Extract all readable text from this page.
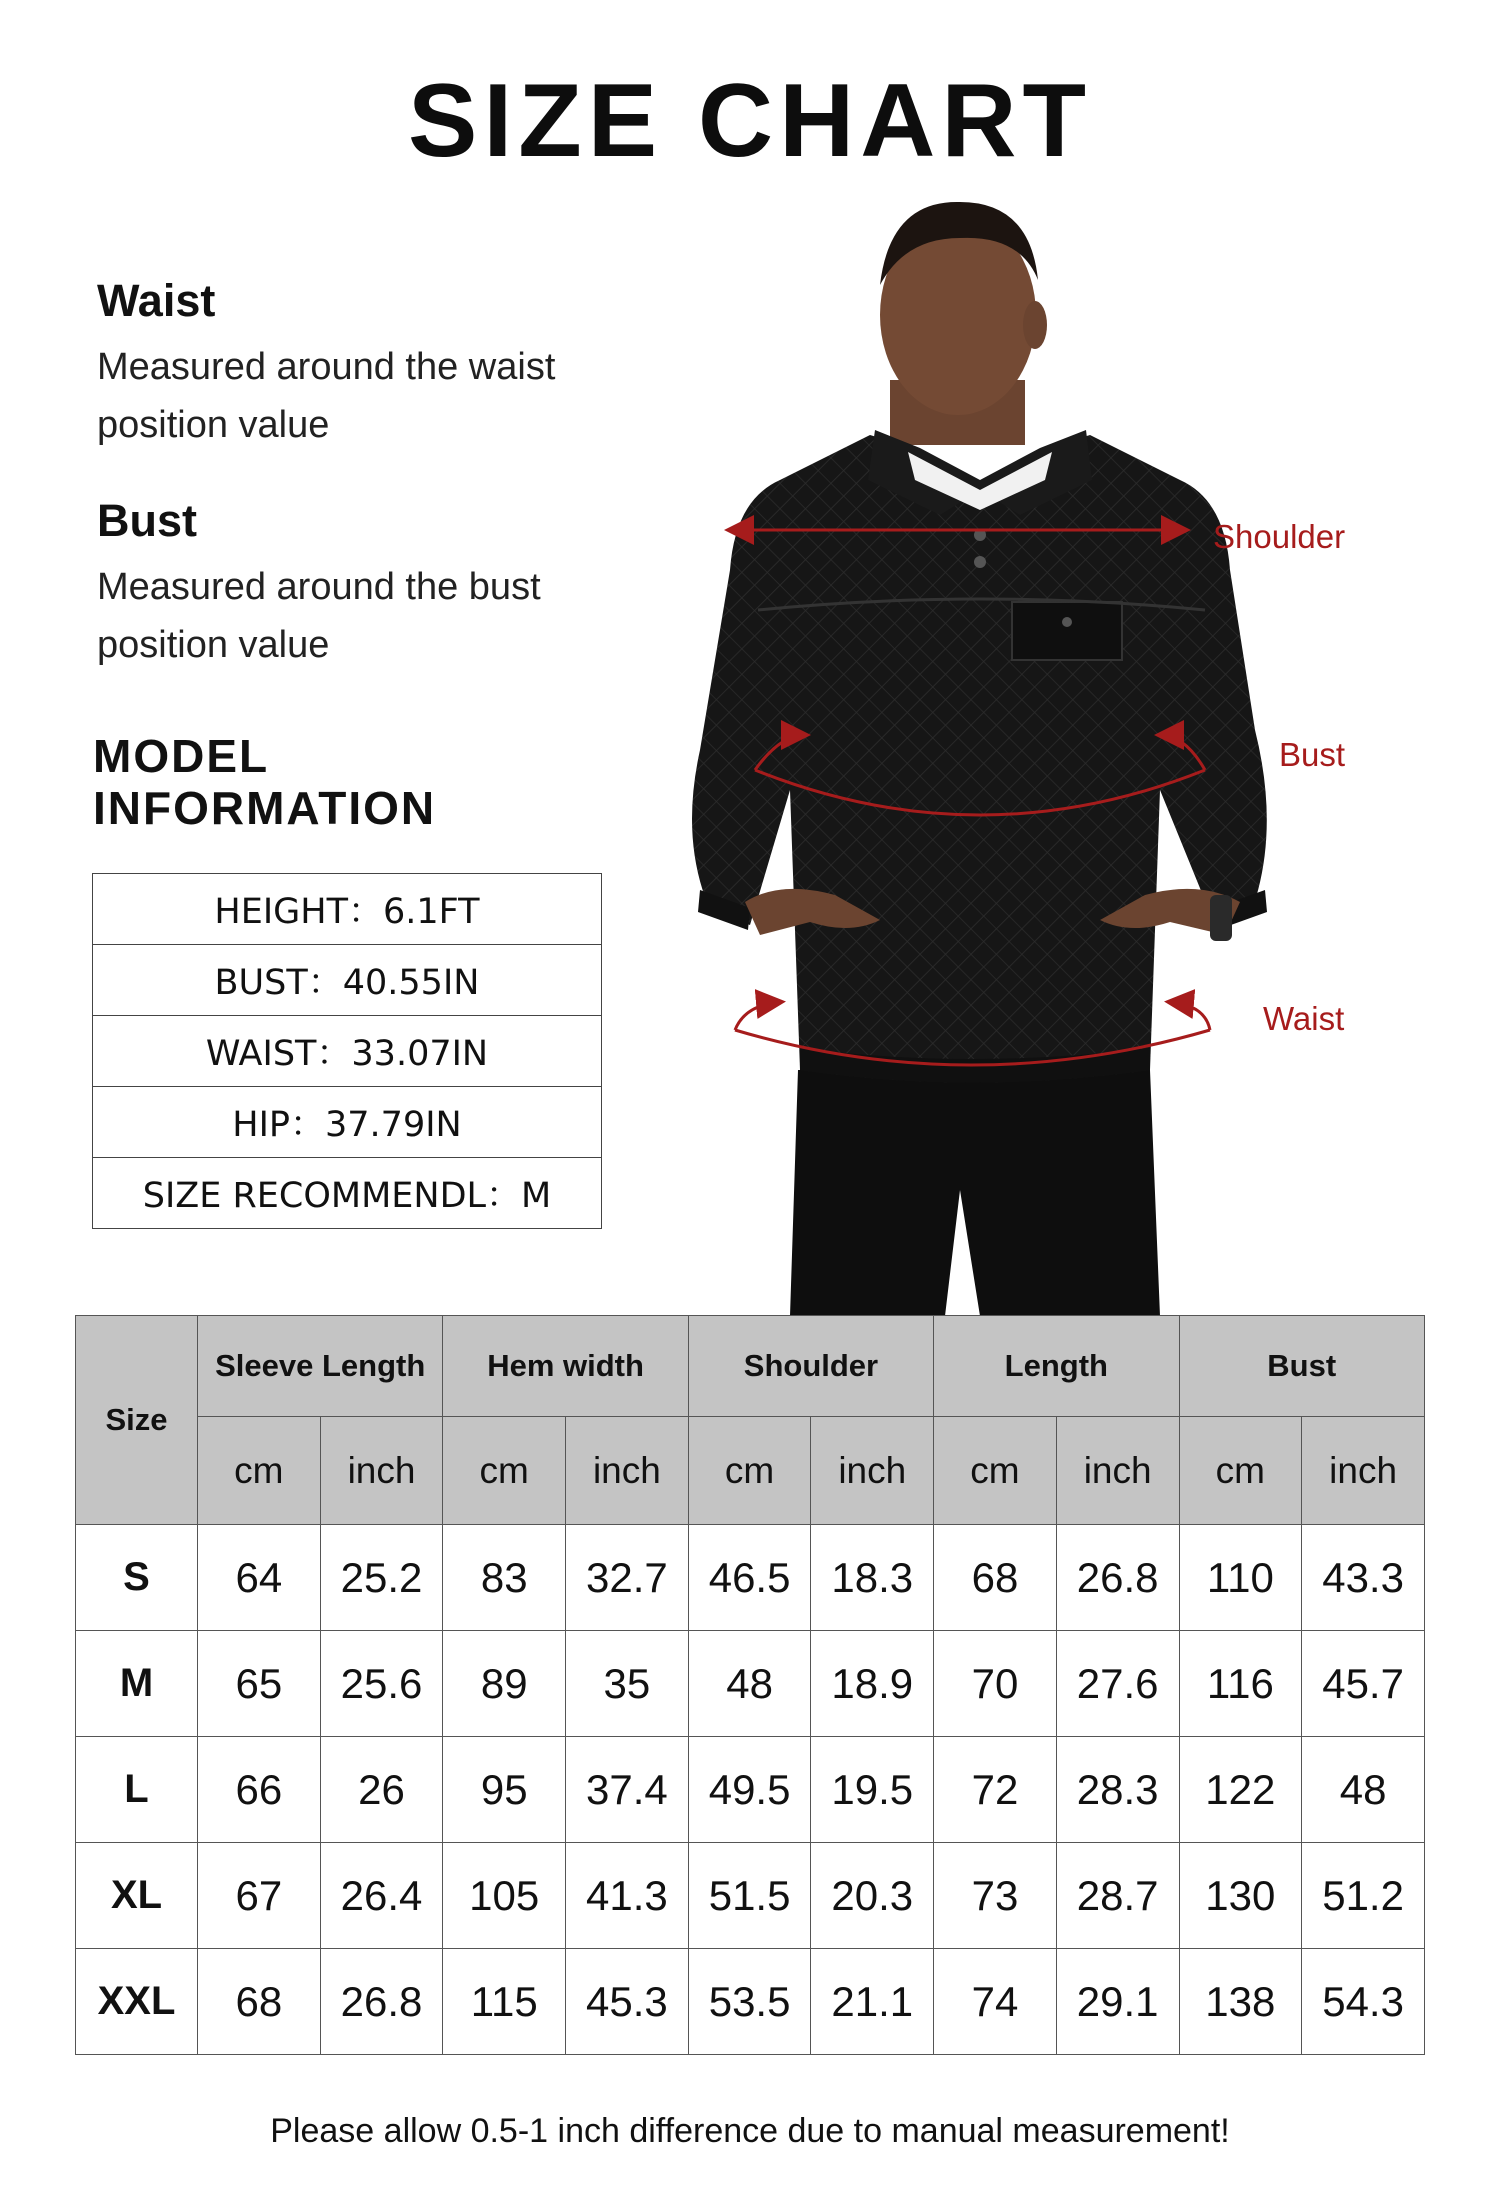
SIZE CHART
Waist
Measured around the waist position value
Bust
Measured around the bust position value
MODEL
INFORMATION
HEIGHT：6.1FT
BUST：40.55IN
WAIST：33.07IN
HIP：37.79IN
SIZE RECOMMENDL：M
Shoulder
Bust
Waist
Size	Sleeve Length		Hem width		Shoulder		Length		Bust	
	cm	inch	cm	inch	cm	inch	cm	inch	cm	inch
S	64	25.2	83	32.7	46.5	18.3	68	26.8	110	43.3
M	65	25.6	89	35	48	18.9	70	27.6	116	45.7
L	66	26	95	37.4	49.5	19.5	72	28.3	122	48
XL	67	26.4	105	41.3	51.5	20.3	73	28.7	130	51.2
XXL	68	26.8	115	45.3	53.5	21.1	74	29.1	138	54.3
Please allow 0.5-1 inch difference due to manual measurement!
